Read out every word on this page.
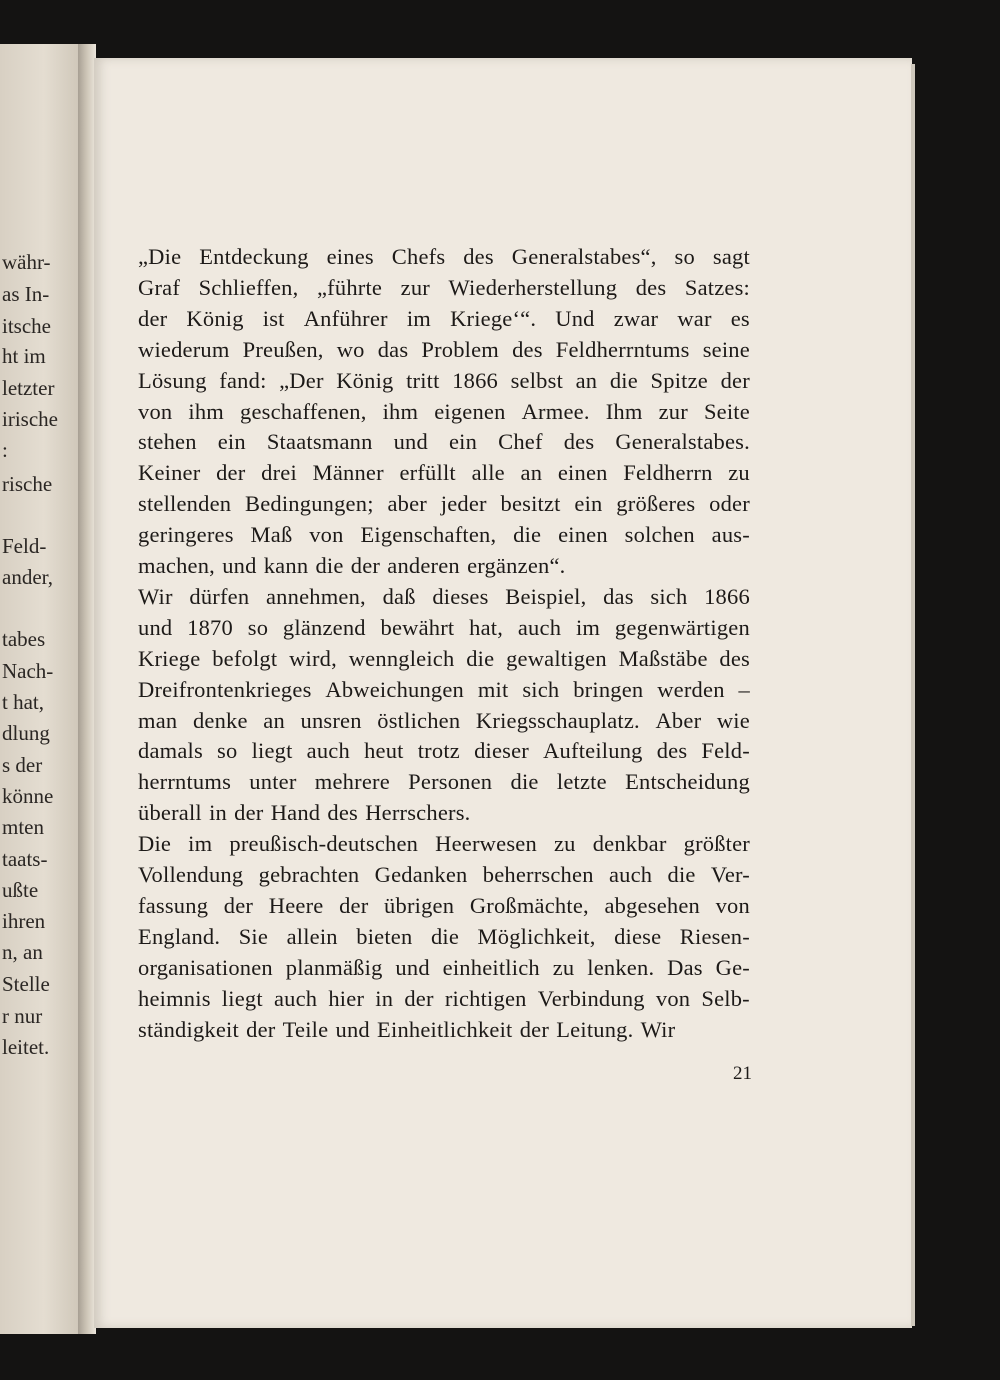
währ-
as In-
itsche
ht im
letzter
irische
:
rische
Feld-
ander,
tabes
Nach-
t hat,
dlung
s der
könne
mten
taats-
ußte
ihren
n, an
Stelle
r nur
leitet.
„Die Entdeckung eines Chefs des Generalstabes“, so sagt
Graf Schlieffen, „führte zur Wiederherstellung des Satzes:
der König ist Anführer im Kriege‘“. Und zwar war es
wiederum Preußen, wo das Problem des Feldherrntums seine
Lösung fand: „Der König tritt 1866 selbst an die Spitze der
von ihm geschaffenen, ihm eigenen Armee. Ihm zur Seite
stehen ein Staatsmann und ein Chef des Generalstabes.
Keiner der drei Männer erfüllt alle an einen Feldherrn zu
stellenden Bedingungen; aber jeder besitzt ein größeres oder
geringeres Maß von Eigenschaften, die einen solchen aus-
machen, und kann die der anderen ergänzen“.
Wir dürfen annehmen, daß dieses Beispiel, das sich 1866
und 1870 so glänzend bewährt hat, auch im gegenwärtigen
Kriege befolgt wird, wenngleich die gewaltigen Maßstäbe des
Dreifrontenkrieges Abweichungen mit sich bringen werden –
man denke an unsren östlichen Kriegsschauplatz. Aber wie
damals so liegt auch heut trotz dieser Aufteilung des Feld-
herrntums unter mehrere Personen die letzte Entscheidung
überall in der Hand des Herrschers.
Die im preußisch-deutschen Heerwesen zu denkbar größter
Vollendung gebrachten Gedanken beherrschen auch die Ver-
fassung der Heere der übrigen Großmächte, abgesehen von
England. Sie allein bieten die Möglichkeit, diese Riesen-
organisationen planmäßig und einheitlich zu lenken. Das Ge-
heimnis liegt auch hier in der richtigen Verbindung von Selb-
ständigkeit der Teile und Einheitlichkeit der Leitung. Wir
21
